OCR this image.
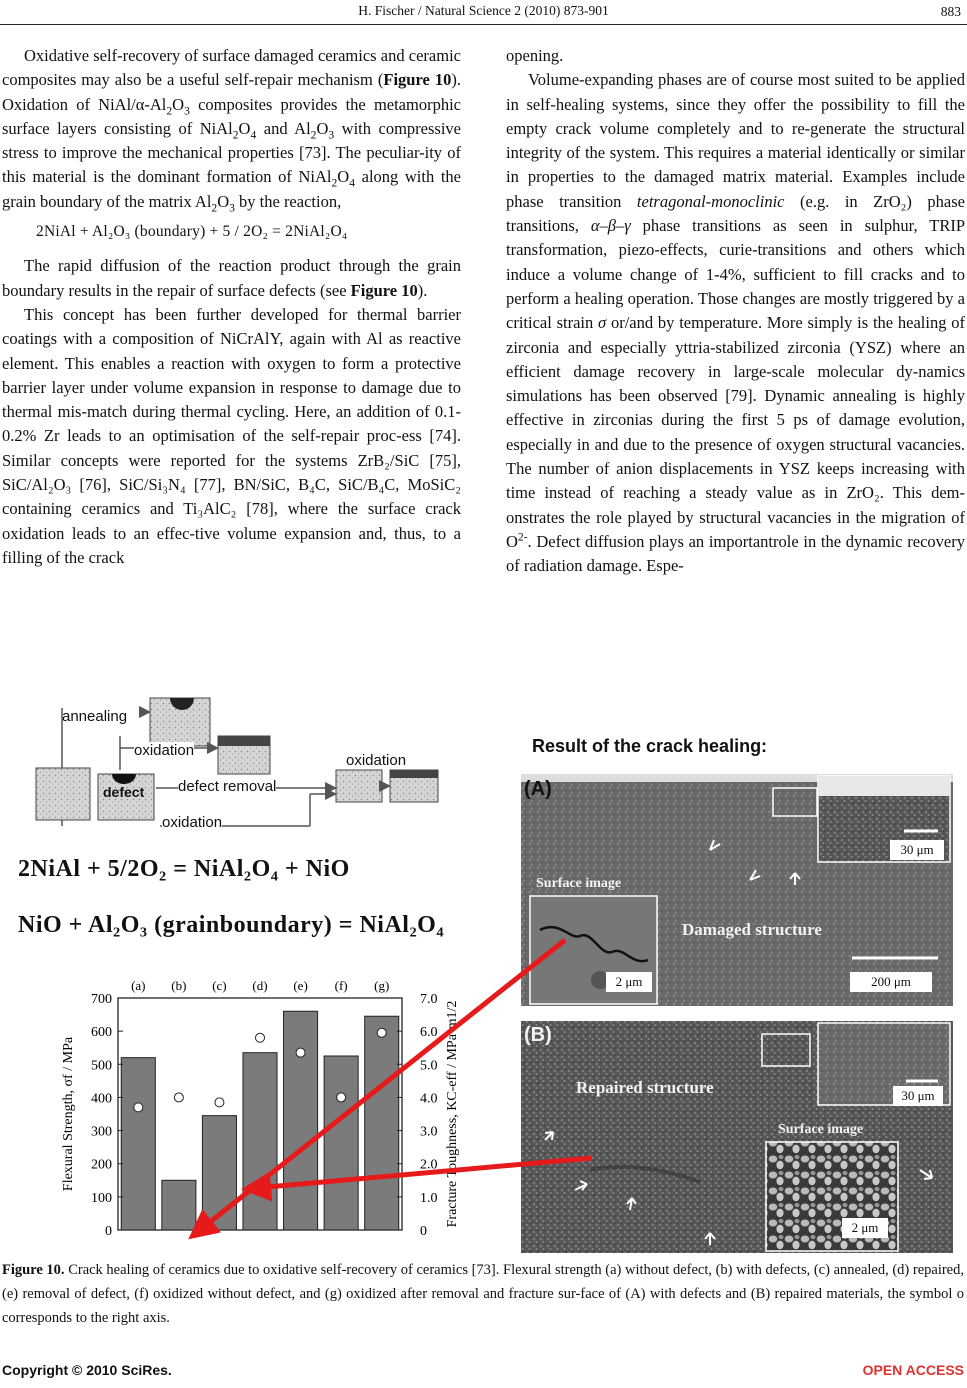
H. Fischer / Natural Science 2 (2010) 873-901	883

Oxidative self-recovery of surface damaged ceramics and ceramic composites may also be a useful self-repair mechanism (Figure 10). Oxidation of NiAl/$\alpha-Al_2O_3$ composites provides the metamorphic surface layers consisting of $NiAl_2O_4$ and $Al_2O_3$ with compressive stress to improve the mechanical properties [73]. The peculiar-ity of this material is the dominant formation of $NiAl_2O_4$ along with the grain boundary of the matrix $Al_2O_3$ by the reaction,

2NiAl + Al₂O₃ (boundary) + 5 / 2O₂ = 2NiAl₂O₄

The rapid diffusion of the reaction product through the grain boundary results in the repair of surface defects (see Figure 10).

This concept has been further developed for thermal barrier coatings with a composition of NiCrAlY, again with Al as reactive element. This enables a reaction with oxygen to form a protective barrier layer under volume expansion in response to damage due to thermal mis-match during thermal cycling. Here, an addition of 0.1-0.2% Zr leads to an optimisation of the self-repair proc-ess [74]. Similar concepts were reported for the systems ZrB₂/SiC [75], SiC/Al₂O₃ [76], SiC/Si₃N₄ [77], BN/SiC, B₄C, SiC/B₄C, MoSiC₂ containing ceramics and Ti₃AlC₂ [78], where the surface crack oxidation leads to an effec-tive volume expansion and, thus, to a filling of the crack

opening.

Volume-expanding phases are of course most suited to be applied in self-healing systems, since they offer the possibility to fill the empty crack volume completely and to re-generate the structural integrity of the system. This requires a material identically or similar in properties to the damaged matrix material. Examples include phase transition tetragonal-monoclinic (e.g. in ZrO₂) phase transitions, α–β–γ phase transitions as seen in sulphur, TRIP transformation, piezo-effects, curie-transitions and others which induce a volume change of 1-4%, sufficient to fill cracks and to perform a healing operation. Those changes are mostly triggered by a critical strain σ or/and by temperature. More simply is the healing of zirconia and especially yttria-stabilized zirconia (YSZ) where an efficient damage recovery in large-scale molecular dy-namics simulations has been observed [79]. Dynamic annealing is highly effective in zirconias during the first 5 ps of damage evolution, especially in and due to the presence of oxygen structural vacancies. The number of anion displacements in YSZ keeps increasing with time instead of reaching a steady value as in ZrO₂. This dem-onstrates the role played by structural vacancies in the migration of $O^{2-}$. Defect diffusion plays an importantrole in the dynamic recovery of radiation damage. Espe-

(a) (b) (c) (d) (e) (f) (g)
0
100
200
300
400
500
600
700
0
1.0
2.0
3.0
4.0
5.0
6.0
7.0
Flexural Strength, σf / MPa	Fracture Toughness, KC-eff / MPa·m1/2
annealing
oxidation
defect defect removal
oxidation
oxidation
2NiAl + 5/2O₂ = NiAl₂O₄ + NiO
NiO + Al₂O₃ (grainboundary) = NiAl₂O₄
Result of the crack healing:
(A)
Surface image
Damaged structure
30 μm
2 μm	200 μm
(B)
Repaired structure
Surface image
30 μm
2 μm
Figure 10. Crack healing of ceramics due to oxidative self-recovery of ceramics [73]. Flexural strength (a) without defect, (b) with defects, (c) annealed, (d) repaired, (e) removal of defect, (f) oxidized without defect, and (g) oxidized after removal and fracture sur-face of (A) with defects and (B) repaired materials, the symbol o corresponds to the right axis.
Copyright © 2010 SciRes.	OPEN ACCESS
